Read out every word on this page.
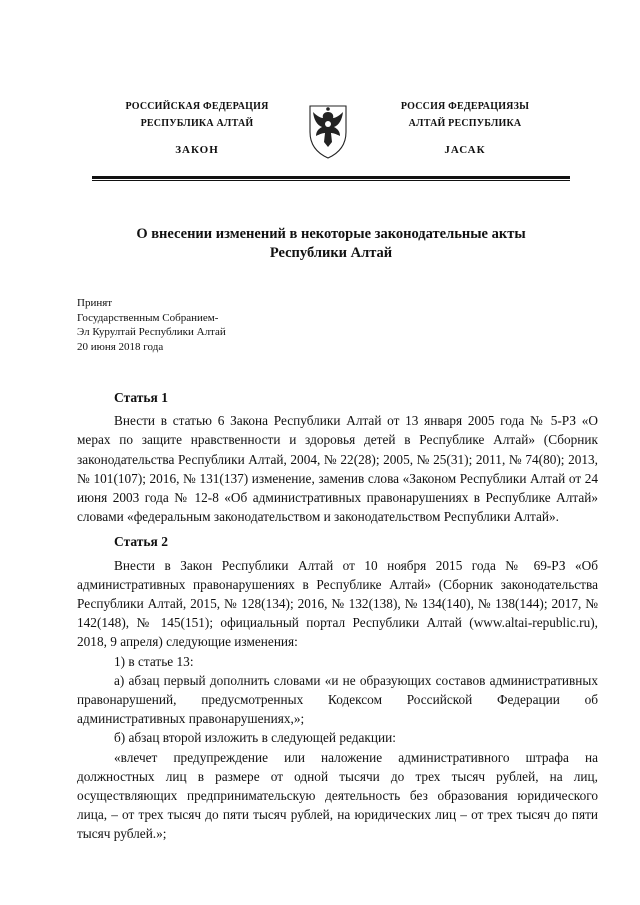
РОССИЙСКАЯ ФЕДЕРАЦИЯ
РЕСПУБЛИКА АЛТАЙ
ЗАКОН
РОССИЯ ФЕДЕРАЦИЯЗЫ
АЛТАЙ РЕСПУБЛИКА
JАСАК
О внесении изменений в некоторые законодательные акты
Республики Алтай
Принят
Государственным Собранием-
Эл Курултай Республики Алтай
20 июня 2018 года
Статья 1

Внести в статью 6 Закона Республики Алтай от 13 января 2005 года № 5-РЗ «О мерах по защите нравственности и здоровья детей в Республике Алтай» (Сборник законодательства Республики Алтай, 2004, № 22(28); 2005, № 25(31); 2011, № 74(80); 2013, № 101(107); 2016, № 131(137) изменение, заменив слова «Законом Республики Алтай от 24 июня 2003 года № 12-8 «Об административных правонарушениях в Республике Алтай» словами «федеральным законодательством и законодательством Республики Алтай».

Статья 2

Внести в Закон Республики Алтай от 10 ноября 2015 года № 69-РЗ «Об административных правонарушениях в Республике Алтай» (Сборник законодательства Республики Алтай, 2015, № 128(134); 2016, № 132(138), № 134(140), № 138(144); 2017, № 142(148), № 145(151); официальный портал Республики Алтай (www.altai-republic.ru), 2018, 9 апреля) следующие изменения:

1) в статье 13:

а) абзац первый дополнить словами «и не образующих составов административных правонарушений, предусмотренных Кодексом Российской Федерации об административных правонарушениях,»;

б) абзац второй изложить в следующей редакции:

«влечет предупреждение или наложение административного штрафа на должностных лиц в размере от одной тысячи до трех тысяч рублей, на лиц, осуществляющих предпринимательскую деятельность без образования юридического лица, – от трех тысяч до пяти тысяч рублей, на юридических лиц – от трех тысяч до пяти тысяч рублей.»;
